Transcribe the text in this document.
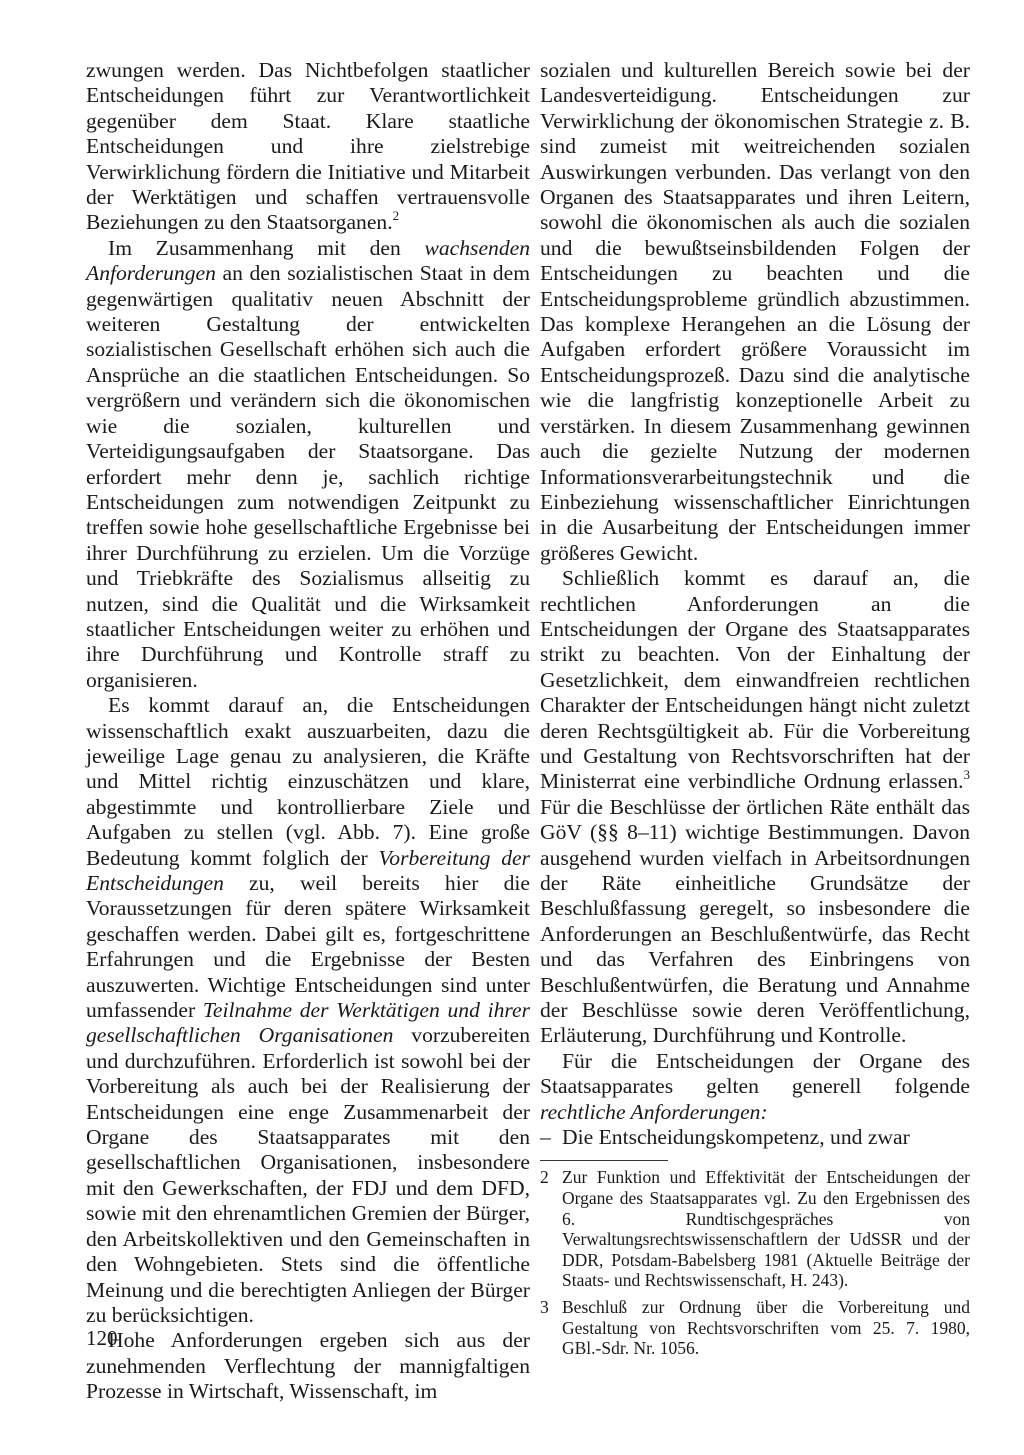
zwungen werden. Das Nichtbefolgen staatlicher Entscheidungen führt zur Verantwortlichkeit gegenüber dem Staat. Klare staatliche Entscheidungen und ihre zielstrebige Verwirklichung fördern die Initiative und Mitarbeit der Werktätigen und schaffen vertrauensvolle Beziehungen zu den Staatsorganen.$^2$

Im Zusammenhang mit den wachsenden Anforderungen an den sozialistischen Staat in dem gegenwärtigen qualitativ neuen Abschnitt der weiteren Gestaltung der entwickelten sozialistischen Gesellschaft erhöhen sich auch die Ansprüche an die staatlichen Entscheidungen. So vergrößern und verändern sich die ökonomischen wie die sozialen, kulturellen und Verteidigungsaufgaben der Staatsorgane. Das erfordert mehr denn je, sachlich richtige Entscheidungen zum notwendigen Zeitpunkt zu treffen sowie hohe gesellschaftliche Ergebnisse bei ihrer Durchführung zu erzielen. Um die Vorzüge und Triebkräfte des Sozialismus allseitig zu nutzen, sind die Qualität und die Wirksamkeit staatlicher Entscheidungen weiter zu erhöhen und ihre Durchführung und Kontrolle straff zu organisieren.

Es kommt darauf an, die Entscheidungen wissenschaftlich exakt auszuarbeiten, dazu die jeweilige Lage genau zu analysieren, die Kräfte und Mittel richtig einzuschätzen und klare, abgestimmte und kontrollierbare Ziele und Aufgaben zu stellen (vgl. Abb. 7). Eine große Bedeutung kommt folglich der Vorbereitung der Entscheidungen zu, weil bereits hier die Voraussetzungen für deren spätere Wirksamkeit geschaffen werden. Dabei gilt es, fortgeschrittene Erfahrungen und die Ergebnisse der Besten auszuwerten. Wichtige Entscheidungen sind unter umfassender Teilnahme der Werktätigen und ihrer gesellschaftlichen Organisationen vorzubereiten und durchzuführen. Erforderlich ist sowohl bei der Vorbereitung als auch bei der Realisierung der Entscheidungen eine enge Zusammenarbeit der Organe des Staatsapparates mit den gesellschaftlichen Organisationen, insbesondere mit den Gewerkschaften, der FDJ und dem DFD, sowie mit den ehrenamtlichen Gremien der Bürger, den Arbeitskollektiven und den Gemeinschaften in den Wohngebieten. Stets sind die öffentliche Meinung und die berechtigten Anliegen der Bürger zu berücksichtigen.

Hohe Anforderungen ergeben sich aus der zunehmenden Verflechtung der mannigfaltigen Prozesse in Wirtschaft, Wissenschaft, im

sozialen und kulturellen Bereich sowie bei der Landesverteidigung. Entscheidungen zur Verwirklichung der ökonomischen Strategie z. B. sind zumeist mit weitreichenden sozialen Auswirkungen verbunden. Das verlangt von den Organen des Staatsapparates und ihren Leitern, sowohl die ökonomischen als auch die sozialen und die bewußtseinsbildenden Folgen der Entscheidungen zu beachten und die Entscheidungsprobleme gründlich abzustimmen. Das komplexe Herangehen an die Lösung der Aufgaben erfordert größere Voraussicht im Entscheidungsprozeß. Dazu sind die analytische wie die langfristig konzeptionelle Arbeit zu verstärken. In diesem Zusammenhang gewinnen auch die gezielte Nutzung der modernen Informationsverarbeitungstechnik und die Einbeziehung wissenschaftlicher Einrichtungen in die Ausarbeitung der Entscheidungen immer größeres Gewicht.

Schließlich kommt es darauf an, die rechtlichen Anforderungen an die Entscheidungen der Organe des Staatsapparates strikt zu beachten. Von der Einhaltung der Gesetzlichkeit, dem einwandfreien rechtlichen Charakter der Entscheidungen hängt nicht zuletzt deren Rechtsgültigkeit ab. Für die Vorbereitung und Gestaltung von Rechtsvorschriften hat der Ministerrat eine verbindliche Ordnung erlassen.$^3$ Für die Beschlüsse der örtlichen Räte enthält das GöV (§§ 8–11) wichtige Bestimmungen. Davon ausgehend wurden vielfach in Arbeitsordnungen der Räte einheitliche Grundsätze der Beschlußfassung geregelt, so insbesondere die Anforderungen an Beschlußentwürfe, das Recht und das Verfahren des Einbringens von Beschlußentwürfen, die Beratung und Annahme der Beschlüsse sowie deren Veröffentlichung, Erläuterung, Durchführung und Kontrolle.

Für die Entscheidungen der Organe des Staatsapparates gelten generell folgende rechtliche Anforderungen:

– Die Entscheidungskompetenz, und zwar
2 Zur Funktion und Effektivität der Entscheidungen der Organe des Staatsapparates vgl. Zu den Ergebnissen des 6. Rundtischgespräches von Verwaltungsrechtswissenschaftlern der UdSSR und der DDR, Potsdam-Babelsberg 1981 (Aktuelle Beiträge der Staats- und Rechtswissenschaft, H. 243).
3 Beschluß zur Ordnung über die Vorbereitung und Gestaltung von Rechtsvorschriften vom 25. 7. 1980, GBl.-Sdr. Nr. 1056.
120
